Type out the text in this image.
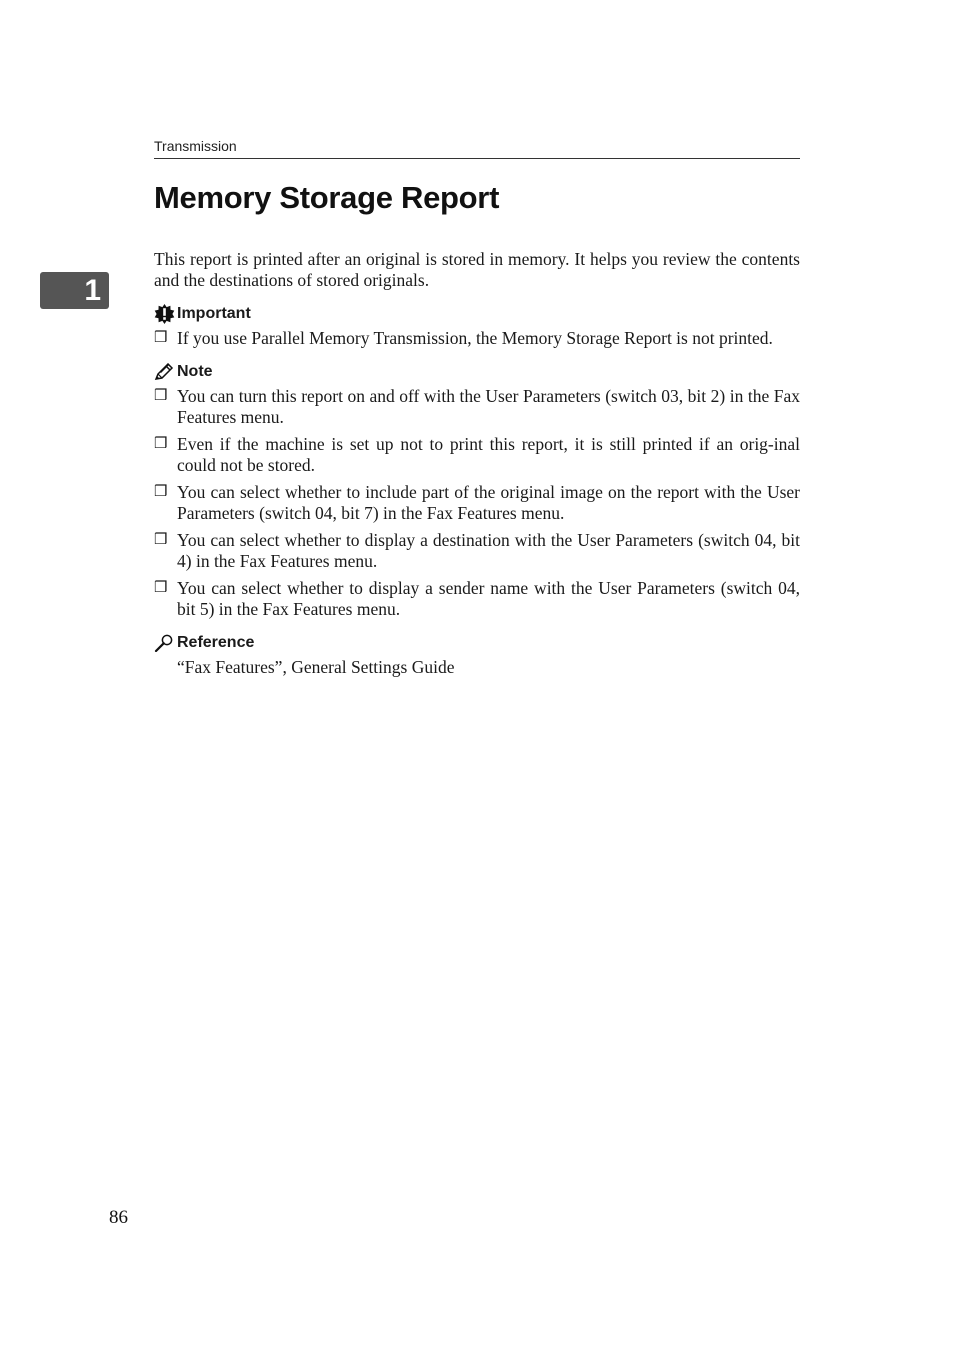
Transmission
1
Memory Storage Report

This report is printed after an original is stored in memory. It helps you review the contents and the destinations of stored originals.

Important
❒ If you use Parallel Memory Transmission, the Memory Storage Report is not printed.
Note
❒ You can turn this report on and off with the User Parameters (switch 03, bit 2) in the Fax Features menu.
❒ Even if the machine is set up not to print this report, it is still printed if an orig-inal could not be stored.
❒ You can select whether to include part of the original image on the report with the User Parameters (switch 04, bit 7) in the Fax Features menu.
❒ You can select whether to display a destination with the User Parameters (switch 04, bit 4) in the Fax Features menu.
❒ You can select whether to display a sender name with the User Parameters (switch 04, bit 5) in the Fax Features menu.
Reference

“Fax Features”, General Settings Guide

86
